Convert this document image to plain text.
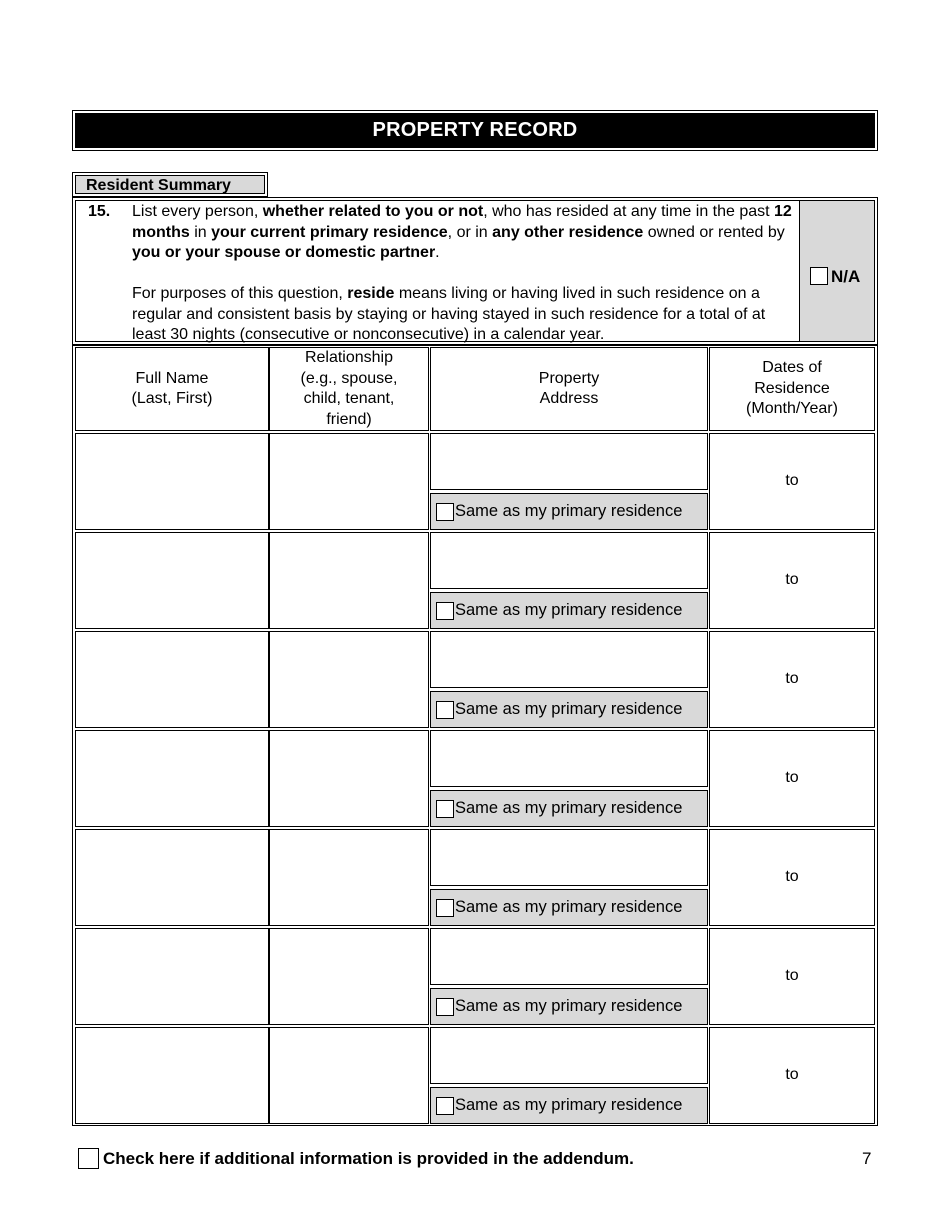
PROPERTY RECORD
Resident Summary
15. List every person, whether related to you or not, who has resided at any time in the past 12 months in your current primary residence, or in any other residence owned or rented by you or your spouse or domestic partner.
For purposes of this question, reside means living or having lived in such residence on a regular and consistent basis by staying or having stayed in such residence for a total of at least 30 nights (consecutive or nonconsecutive) in a calendar year.
N/A
Full Name
(Last, First)
Relationship
(e.g., spouse,
child, tenant,
friend)
Property
Address
Dates of
Residence
(Month/Year)
Same as my primary residence
to
Same as my primary residence
to
Same as my primary residence
to
Same as my primary residence
to
Same as my primary residence
to
Same as my primary residence
to
Same as my primary residence
to
Check here if additional information is provided in the addendum.	7
